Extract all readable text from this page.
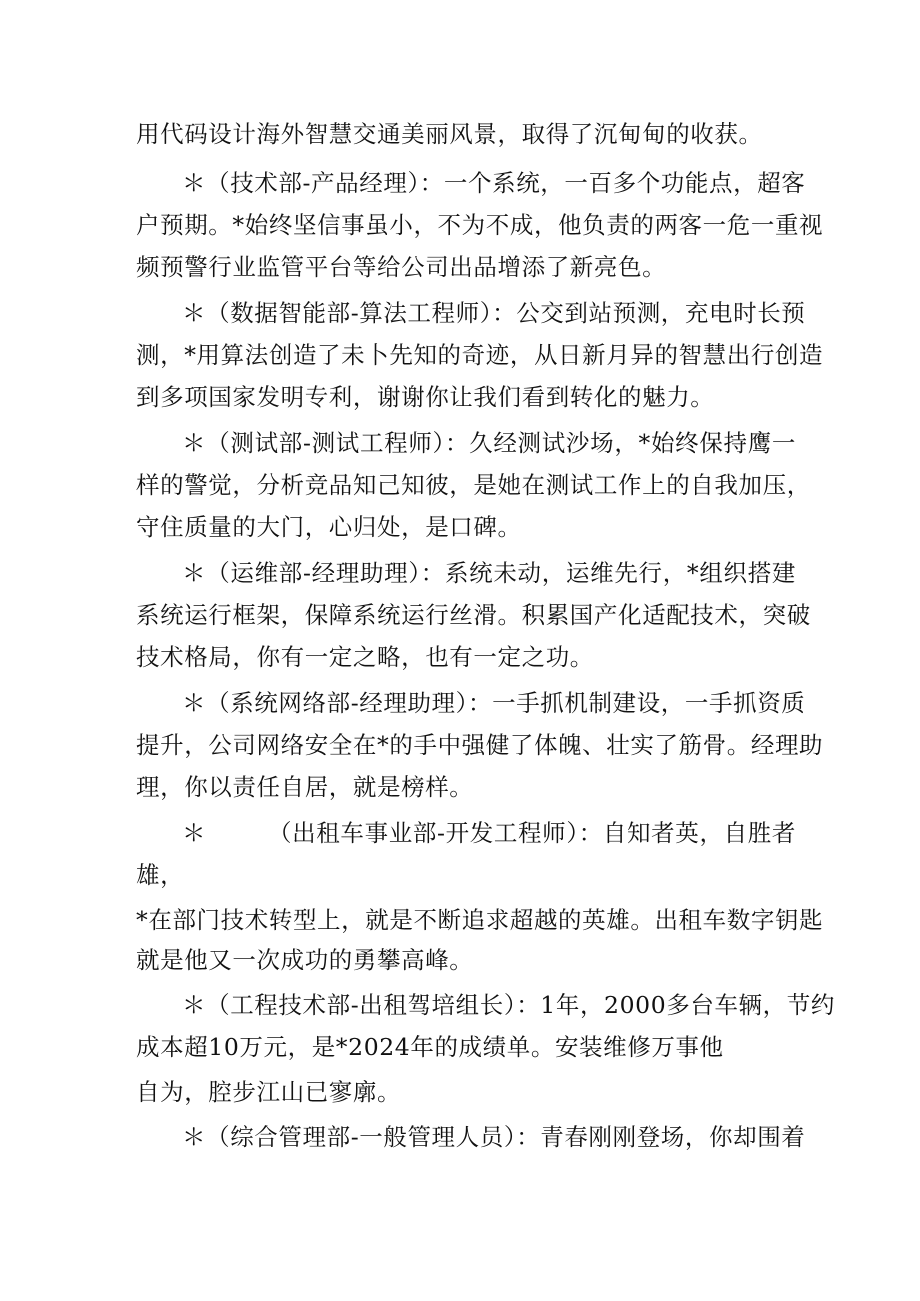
用代码设计海外智慧交通美丽风景，取得了沉甸甸的收获。
＊（技术部-产品经理）：一个系统，一百多个功能点，超客
户预期。*始终坚信事虽小，不为不成，他负责的两客一危一重视
频预警行业监管平台等给公司出品增添了新亮色。
＊（数据智能部-算法工程师）：公交到站预测，充电时长预
测，*用算法创造了未卜先知的奇迹，从日新月异的智慧出行创造
到多项国家发明专利，谢谢你让我们看到转化的魅力。
＊（测试部-测试工程师）：久经测试沙场，*始终保持鹰一
样的警觉，分析竞品知己知彼，是她在测试工作上的自我加压，
守住质量的大门，心归处，是口碑。
＊（运维部-经理助理）：系统未动，运维先行，*组织搭建
系统运行框架，保障系统运行丝滑。积累国产化适配技术，突破
技术格局，你有一定之略，也有一定之功。
＊（系统网络部-经理助理）：一手抓机制建设，一手抓资质
提升，公司网络安全在*的手中强健了体魄、壮实了筋骨。经理助
理，你以责任自居，就是榜样。
＊	（出租车事业部-开发工程师）：自知者英，自胜者
雄，
*在部门技术转型上，就是不断追求超越的英雄。出租车数字钥匙
就是他又一次成功的勇攀高峰。
＊（工程技术部-出租驾培组长）：1年，2000多台车辆，节约
成本超10万元，是*2024年的成绩单。安装维修万事他
自为，腔步江山已寥廓。
＊（综合管理部-一般管理人员）：青春刚刚登场，你却围着
